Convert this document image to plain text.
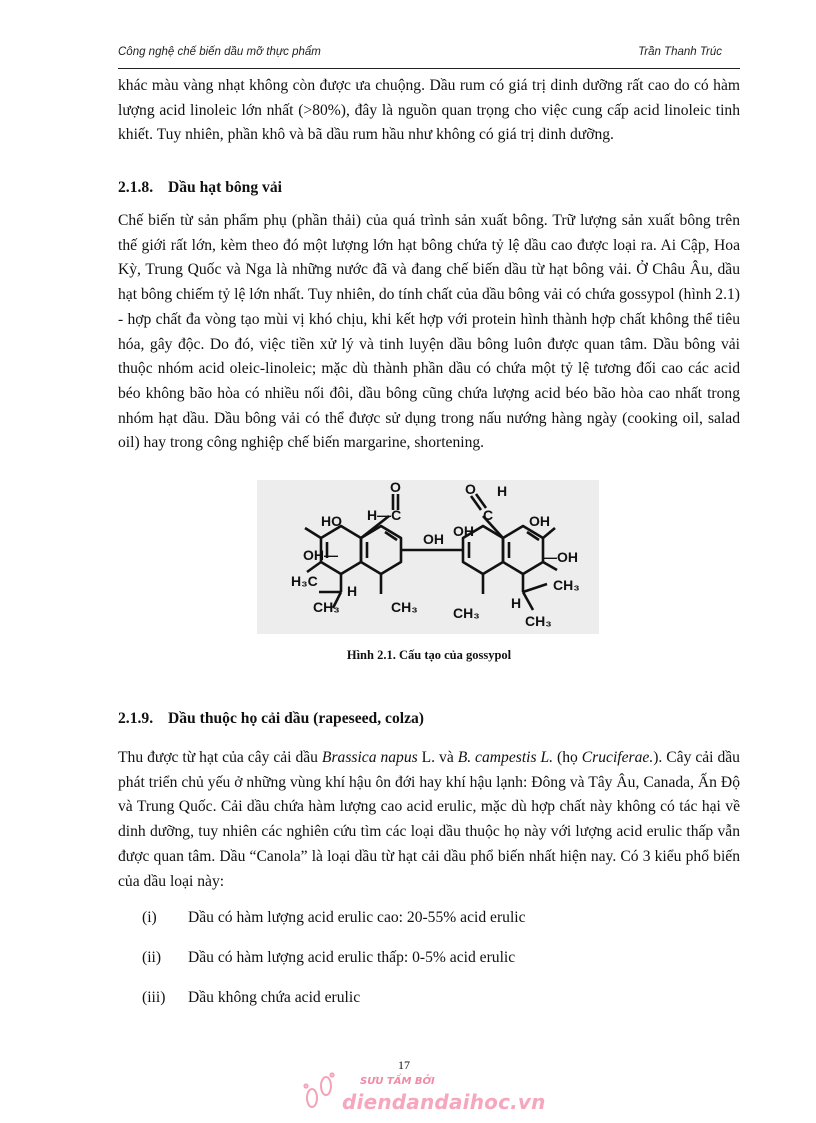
Công nghệ chế biến dầu mỡ thực phẩm	Trần Thanh Trúc

khác màu vàng nhạt không còn được ưa chuộng. Dầu rum có giá trị dinh dưỡng rất cao do có hàm lượng acid linoleic lớn nhất (>80%), đây là nguồn quan trọng cho việc cung cấp acid linoleic tinh khiết. Tuy nhiên, phần khô và bã dầu rum hầu như không có giá trị dinh dưỡng.

2.1.8. Dầu hạt bông vải

Chế biến từ sản phẩm phụ (phần thải) của quá trình sản xuất bông. Trữ lượng sản xuất bông trên thế giới rất lớn, kèm theo đó một lượng lớn hạt bông chứa tỷ lệ dầu cao được loại ra. Ai Cập, Hoa Kỳ, Trung Quốc và Nga là những nước đã và đang chế biến dầu từ hạt bông vải. Ở Châu Âu, dầu hạt bông chiếm tỷ lệ lớn nhất. Tuy nhiên, do tính chất của dầu bông vải có chứa gossypol (hình 2.1) - hợp chất đa vòng tạo mùi vị khó chịu, khi kết hợp với protein hình thành hợp chất không thể tiêu hóa, gây độc. Do đó, việc tiền xử lý và tinh luyện dầu bông luôn được quan tâm. Dầu bông vải thuộc nhóm acid oleic-linoleic; mặc dù thành phần dầu có chứa một tỷ lệ tương đối cao các acid béo không bão hòa có nhiều nối đôi, dầu bông cũng chứa lượng acid béo bão hòa cao nhất trong nhóm hạt dầu. Dầu bông vải có thể được sử dụng trong nấu nướng hàng ngày (cooking oil, salad oil) hay trong công nghiệp chế biến margarine, shortening.

O
H—C
HO
OH
OH—
H₃C
CH₃
H
CH₃
OH
O H
C	OH
—OH
CH₃
H
CH₃
CH₃
Hình 2.1. Cấu tạo của gossypol
2.1.9. Dầu thuộc họ cải dầu (rapeseed, colza)

Thu được từ hạt của cây cải dầu Brassica napus L. và B. campestis L. (họ Cruciferae.). Cây cải dầu phát triển chủ yếu ở những vùng khí hậu ôn đới hay khí hậu lạnh: Đông và Tây Âu, Canada, Ấn Độ và Trung Quốc. Cải dầu chứa hàm lượng cao acid erulic, mặc dù hợp chất này không có tác hại về dinh dưỡng, tuy nhiên các nghiên cứu tìm các loại dầu thuộc họ này với lượng acid erulic thấp vẫn được quan tâm. Dầu “Canola” là loại dầu từ hạt cải dầu phổ biến nhất hiện nay. Có 3 kiểu phổ biến của dầu loại này:

(i) Dầu có hàm lượng acid erulic cao: 20-55% acid erulic
(ii) Dầu có hàm lượng acid erulic thấp: 0-5% acid erulic
(iii) Dầu không chứa acid erulic
17
SƯU TẦM BỞI
diendandaihoc.vn
